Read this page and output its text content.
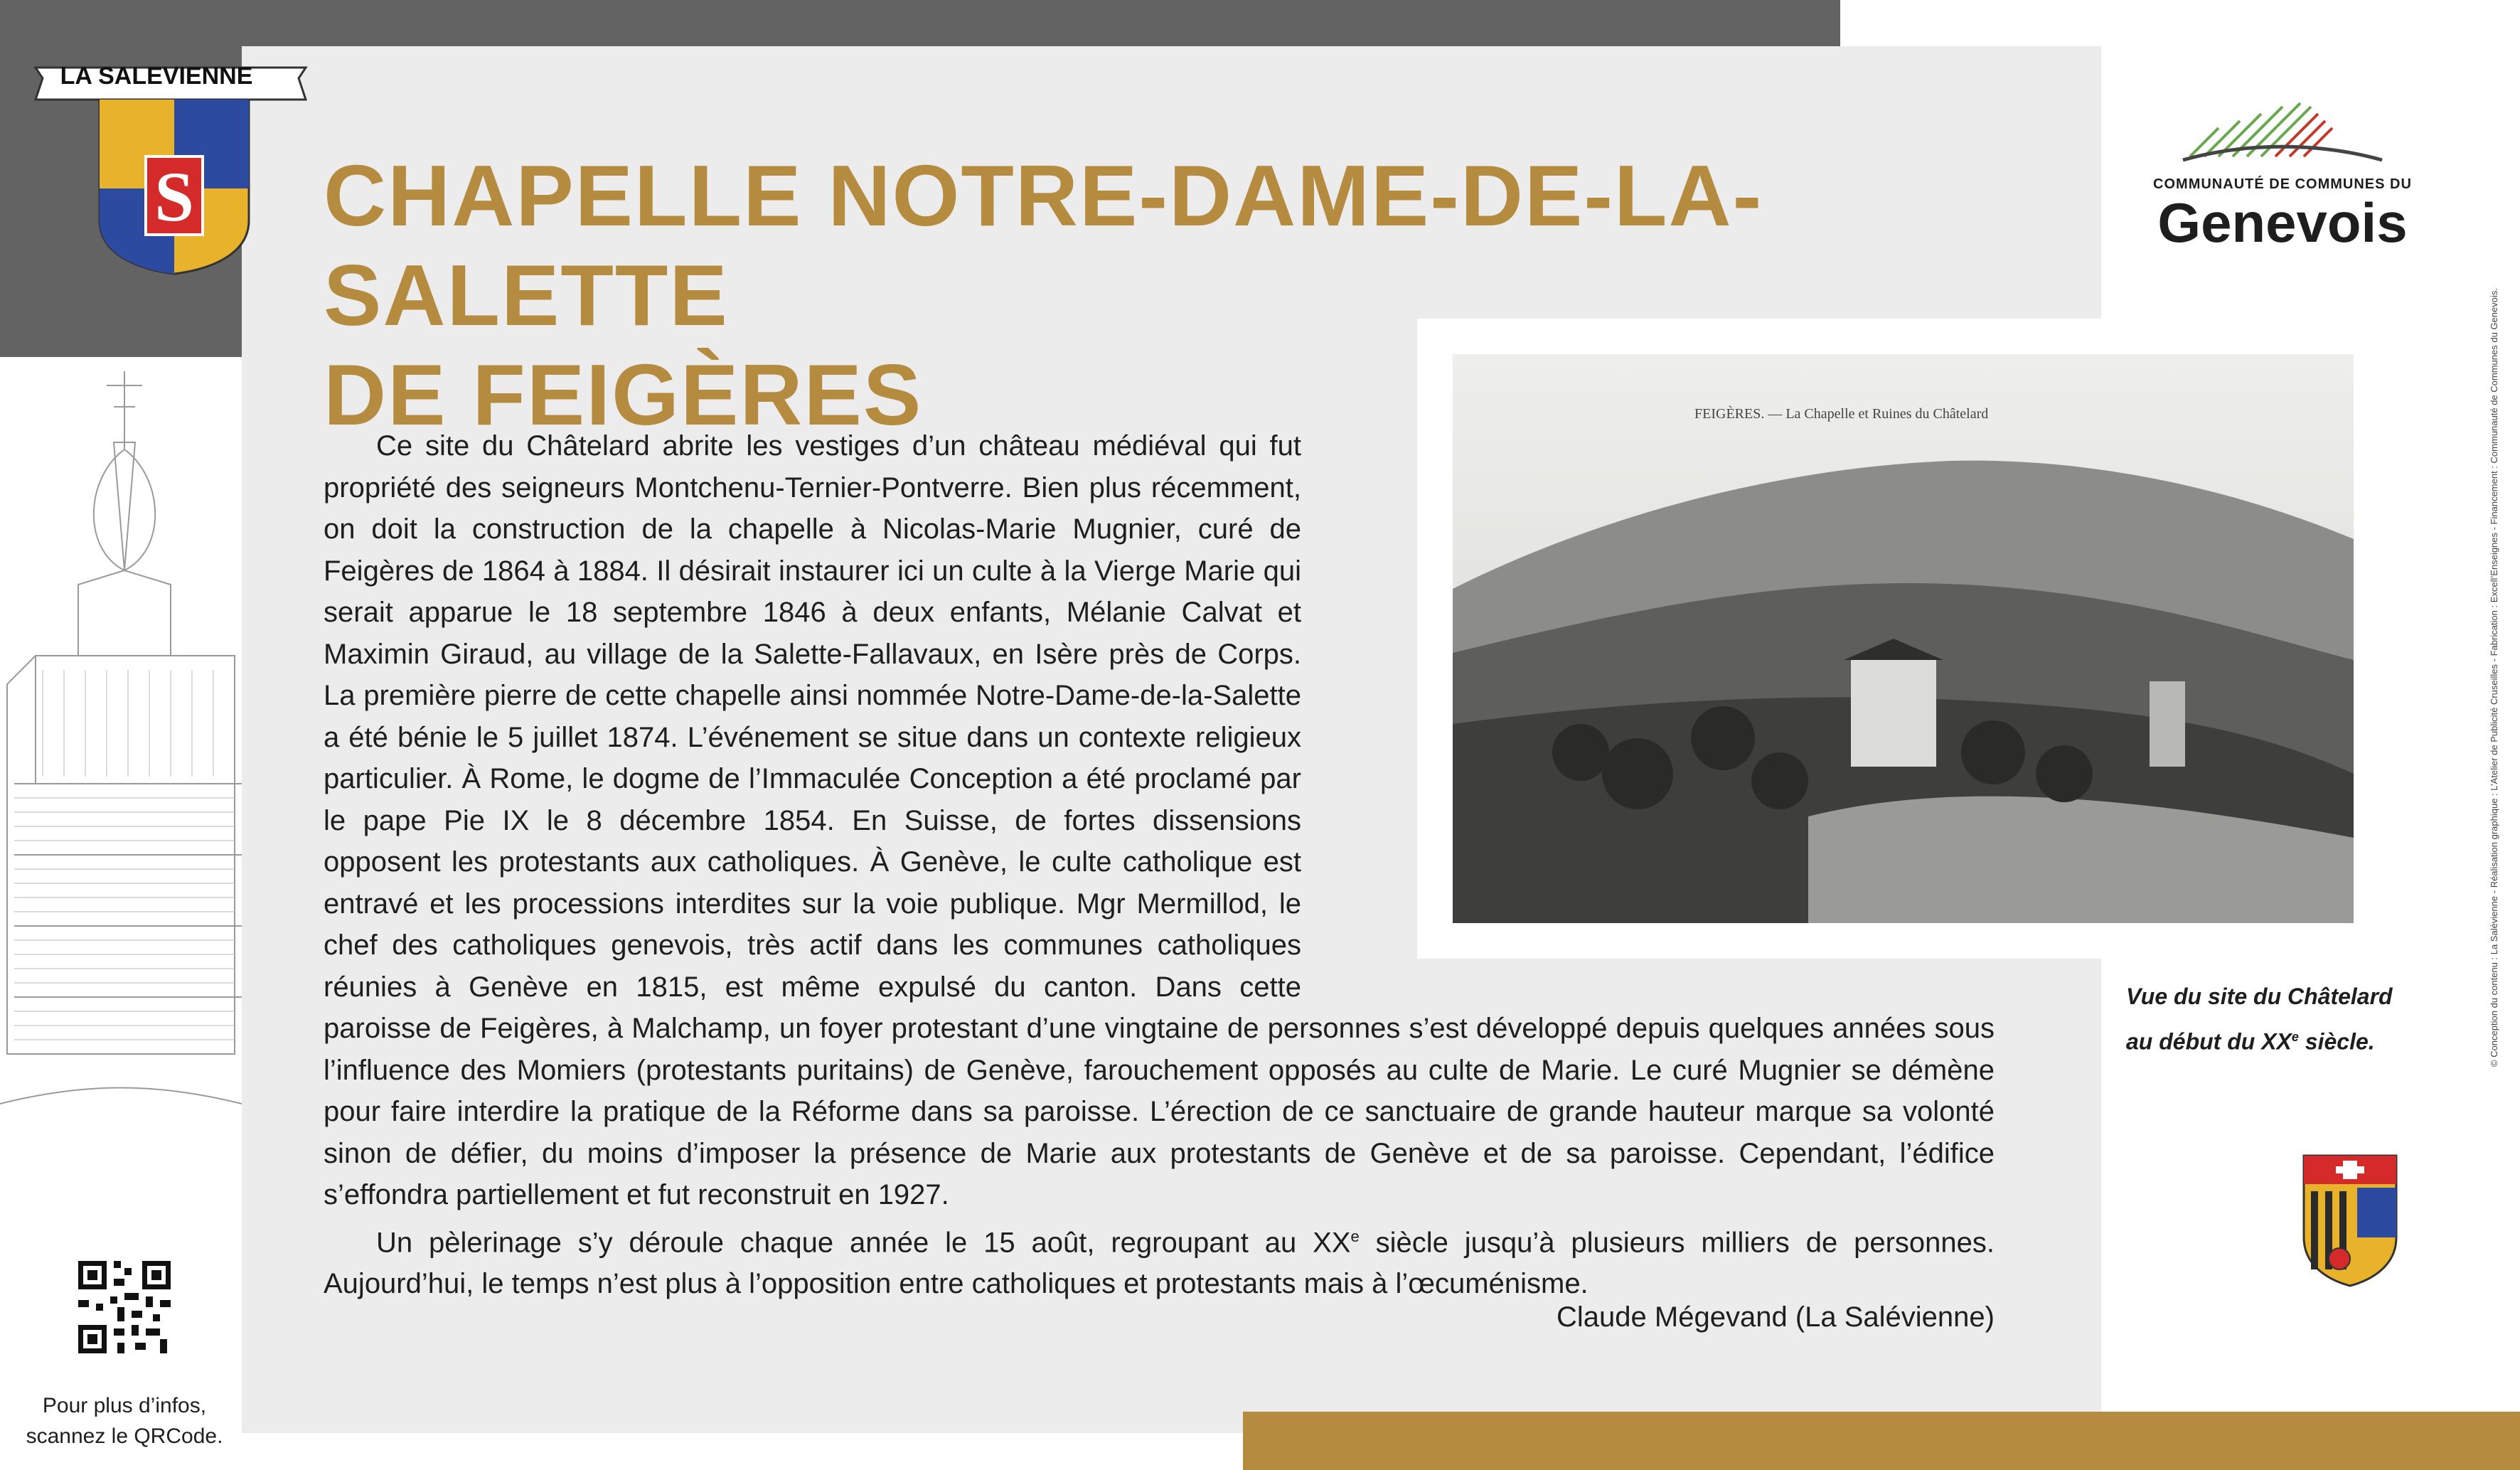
S
LA SALEVIENNE
CHAPELLE NOTRE-DAME-DE-LA-SALETTE
DE FEIGÈRES
COMMUNAUTÉ DE COMMUNES DU
Genevois
FEIGÈRES. — La Chapelle et Ruines du Châtelard
Vue du site du Châtelard
au début du XXe siècle.

Ce site du Châtelard abrite les vestiges d’un château médiéval qui fut propriété des seigneurs Montchenu-Ternier-Pontverre. Bien plus récemment, on doit la construction de la chapelle à Nicolas-Marie Mugnier, curé de Feigères de 1864 à 1884. Il désirait instaurer ici un culte à la Vierge Marie qui serait apparue le 18 septembre 1846 à deux enfants, Mélanie Calvat et Maximin Giraud, au village de la Salette-Fallavaux, en Isère près de Corps. La première pierre de cette chapelle ainsi nommée Notre-Dame-de-la-Salette a été bénie le 5 juillet 1874. L’événement se situe dans un contexte religieux particulier. À Rome, le dogme de l’Immaculée Conception a été proclamé par le pape Pie IX le 8 décembre 1854. En Suisse, de fortes dissensions opposent les protestants aux catholiques. À Genève, le culte catholique est entravé et les processions interdites sur la voie publique. Mgr Mermillod, le chef des catholiques genevois, très actif dans les communes catholiques réunies à Genève en 1815, est même expulsé du canton. Dans cette paroisse de Feigères, à Malchamp, un foyer protestant d’une vingtaine de personnes s’est développé depuis quelques années sous l’influence des Momiers (protestants puritains) de Genève, farouchement opposés au culte de Marie. Le curé Mugnier se démène pour faire interdire la pratique de la Réforme dans sa paroisse. L’érection de ce sanctuaire de grande hauteur marque sa volonté sinon de défier, du moins d’imposer la présence de Marie aux protestants de Genève et de sa paroisse. Cependant, l’édifice s’effondra partiellement et fut reconstruit en 1927.

Un pèlerinage s’y déroule chaque année le 15 août, regroupant au XXe siècle jusqu’à plusieurs milliers de personnes. Aujourd’hui, le temps n’est plus à l’opposition entre catholiques et protestants mais à l’œcuménisme.

Claude Mégevand (La Salévienne)
Pour plus d’infos,
scannez le QRCode.
© Conception du contenu : La Salévienne - Réalisation graphique : L’Atelier de Publicité Cruseilles - Fabrication : Excell’Enseignes - Financement : Communauté de Communes du Genevois.
